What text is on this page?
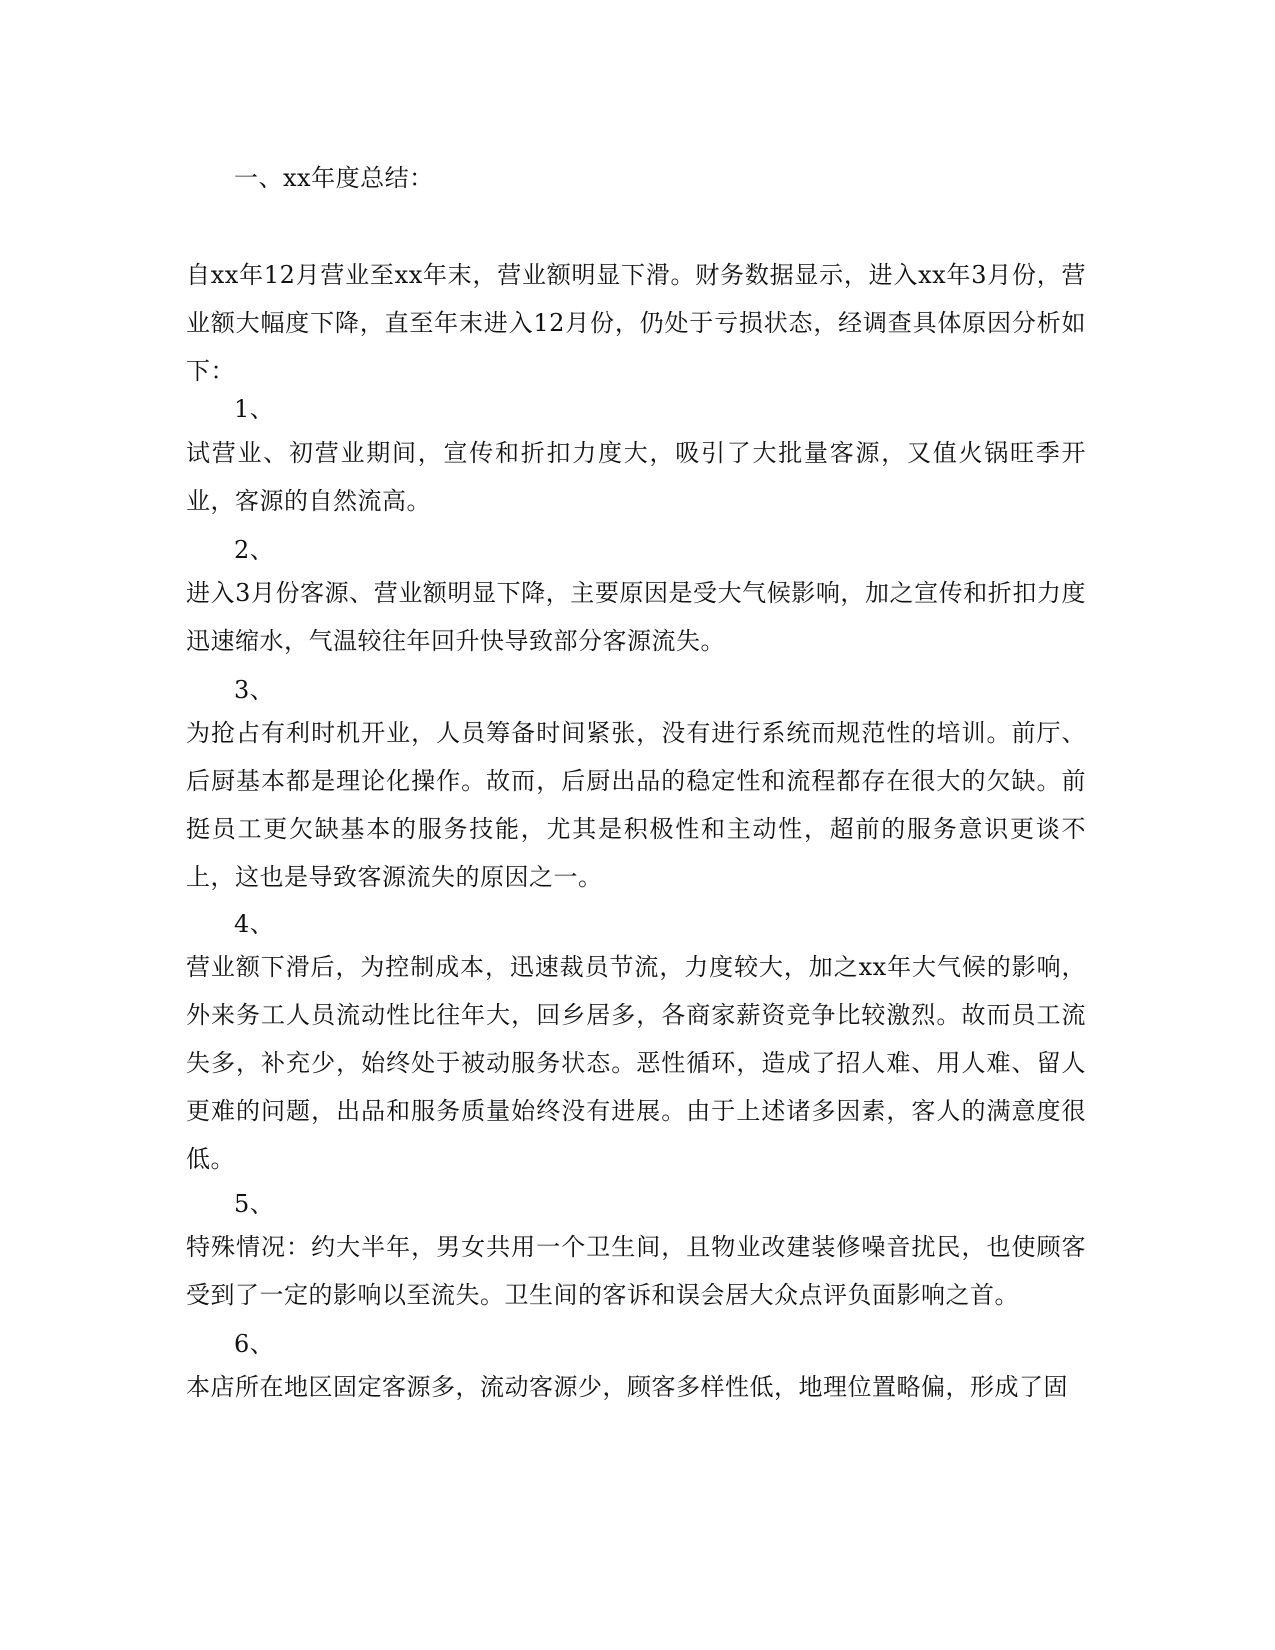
一、xx年度总结：
自xx年12月营业至xx年末，营业额明显下滑。财务数据显示，进入xx年3月份，营业额大幅度下降，直至年末进入12月份，仍处于亏损状态，经调查具体原因分析如下：
1、
试营业、初营业期间，宣传和折扣力度大，吸引了大批量客源，又值火锅旺季开业，客源的自然流高。
2、
进入3月份客源、营业额明显下降，主要原因是受大气候影响，加之宣传和折扣力度迅速缩水，气温较往年回升快导致部分客源流失。
3、
为抢占有利时机开业，人员筹备时间紧张，没有进行系统而规范性的培训。前厅、后厨基本都是理论化操作。故而，后厨出品的稳定性和流程都存在很大的欠缺。前挺员工更欠缺基本的服务技能，尤其是积极性和主动性，超前的服务意识更谈不上，这也是导致客源流失的原因之一。
4、
营业额下滑后，为控制成本，迅速裁员节流，力度较大，加之xx年大气候的影响，外来务工人员流动性比往年大，回乡居多，各商家薪资竞争比较激烈。故而员工流失多，补充少，始终处于被动服务状态。恶性循环，造成了招人难、用人难、留人更难的问题，出品和服务质量始终没有进展。由于上述诸多因素，客人的满意度很低。
5、
特殊情况：约大半年，男女共用一个卫生间，且物业改建装修噪音扰民，也使顾客受到了一定的影响以至流失。卫生间的客诉和误会居大众点评负面影响之首。
6、
本店所在地区固定客源多，流动客源少，顾客多样性低，地理位置略偏，形成了固
